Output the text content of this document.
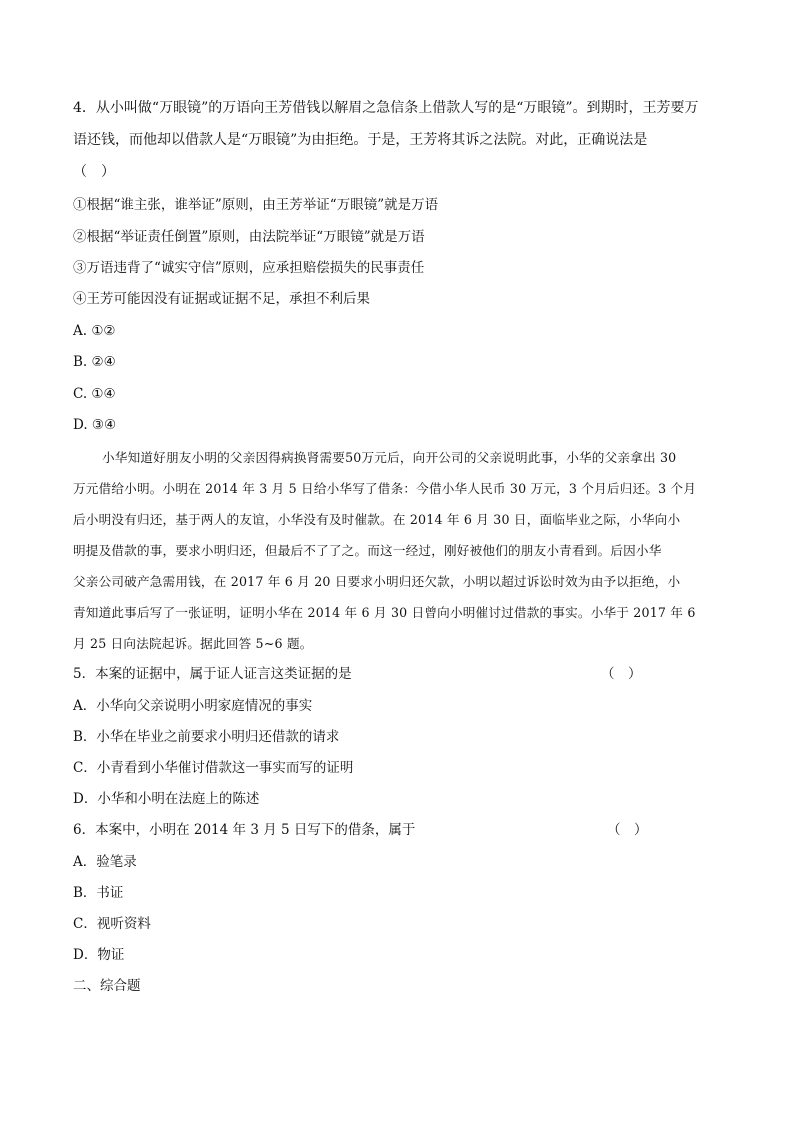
4．从小叫做“万眼镜”的万语向王芳借钱以解眉之急信条上借款人写的是“万眼镜”。到期时，王芳要万
语还钱，而他却以借款人是“万眼镜”为由拒绝。于是，王芳将其诉之法院。对此，正确说法是
（　）
①根据“谁主张，谁举证”原则，由王芳举证“万眼镜”就是万语
②根据“举证责任倒置”原则，由法院举证“万眼镜”就是万语
③万语违背了“诚实守信”原则，应承担赔偿损失的民事责任
④王芳可能因没有证据或证据不足，承担不利后果
A. ①②
B. ②④
C. ①④
D. ③④
小华知道好朋友小明的父亲因得病换肾需要50万元后，向开公司的父亲说明此事，小华的父亲拿出 30
万元借给小明。小明在 2014 年 3 月 5 日给小华写了借条：今借小华人民币 30 万元，3 个月后归还。3 个月
后小明没有归还，基于两人的友谊，小华没有及时催款。在 2014 年 6 月 30 日，面临毕业之际，小华向小
明提及借款的事，要求小明归还，但最后不了了之。而这一经过，刚好被他们的朋友小青看到。后因小华
父亲公司破产急需用钱，在 2017 年 6 月 20 日要求小明归还欠款，小明以超过诉讼时效为由予以拒绝，小
青知道此事后写了一张证明，证明小华在 2014 年 6 月 30 日曾向小明催讨过借款的事实。小华于 2017 年 6
月 25 日向法院起诉。据此回答 5~6 题。
5．本案的证据中，属于证人证言这类证据的是	（　）
A．小华向父亲说明小明家庭情况的事实
B．小华在毕业之前要求小明归还借款的请求
C．小青看到小华催讨借款这一事实而写的证明
D．小华和小明在法庭上的陈述
6．本案中，小明在 2014 年 3 月 5 日写下的借条，属于	（　）
A．验笔录
B．书证
C．视听资料
D．物证
二、综合题
